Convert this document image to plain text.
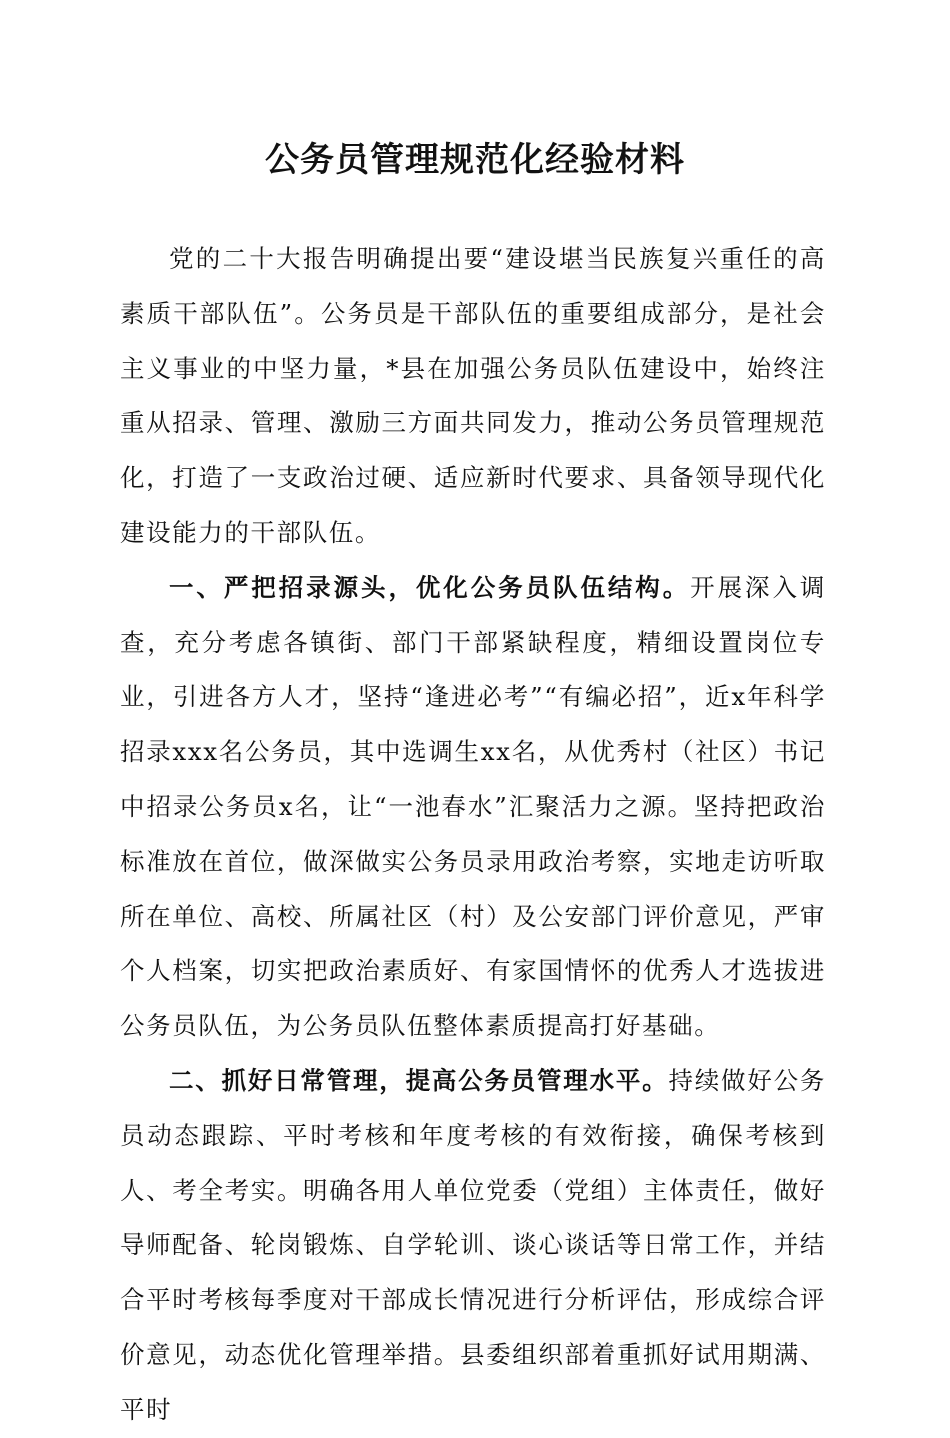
公务员管理规范化经验材料

党的二十大报告明确提出要“建设堪当民族复兴重任的高素质干部队伍”。公务员是干部队伍的重要组成部分，是社会主义事业的中坚力量，*县在加强公务员队伍建设中，始终注重从招录、管理、激励三方面共同发力，推动公务员管理规范化，打造了一支政治过硬、适应新时代要求、具备领导现代化建设能力的干部队伍。

一、严把招录源头，优化公务员队伍结构。开展深入调查，充分考虑各镇街、部门干部紧缺程度，精细设置岗位专业，引进各方人才，坚持“逢进必考”“有编必招”，近x年科学招录xxx名公务员，其中选调生xx名，从优秀村（社区）书记中招录公务员x名，让“一池春水”汇聚活力之源。坚持把政治标准放在首位，做深做实公务员录用政治考察，实地走访听取所在单位、高校、所属社区（村）及公安部门评价意见，严审个人档案，切实把政治素质好、有家国情怀的优秀人才选拔进公务员队伍，为公务员队伍整体素质提高打好基础。

二、抓好日常管理，提高公务员管理水平。持续做好公务员动态跟踪、平时考核和年度考核的有效衔接，确保考核到人、考全考实。明确各用人单位党委（党组）主体责任，做好导师配备、轮岗锻炼、自学轮训、谈心谈话等日常工作，并结合平时考核每季度对干部成长情况进行分析评估，形成综合评价意见，动态优化管理举措。县委组织部着重抓好试用期满、平时
